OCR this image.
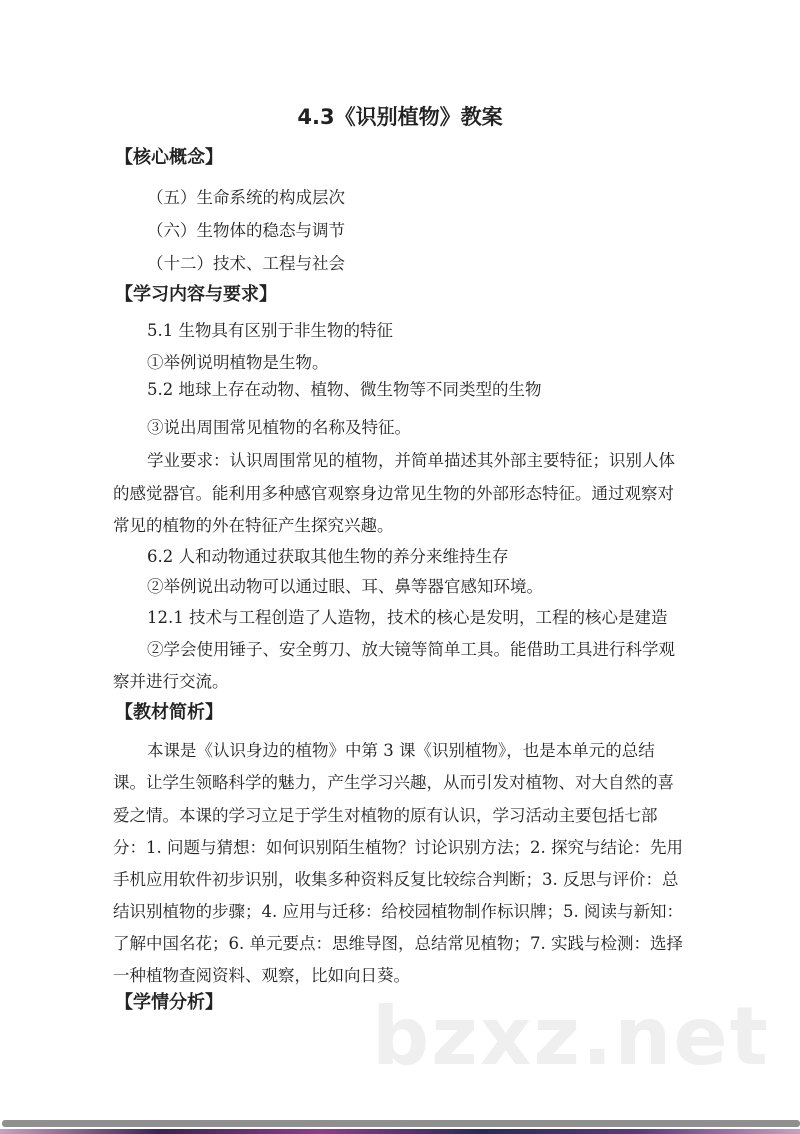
4.3《识别植物》教案
【核心概念】
（五）生命系统的构成层次
（六）生物体的稳态与调节
（十二）技术、工程与社会
【学习内容与要求】
5.1 生物具有区别于非生物的特征
①举例说明植物是生物。
5.2 地球上存在动物、植物、微生物等不同类型的生物
③说出周围常见植物的名称及特征。
学业要求：认识周围常见的植物，并简单描述其外部主要特征；识别人体
的感觉器官。能利用多种感官观察身边常见生物的外部形态特征。通过观察对
常见的植物的外在特征产生探究兴趣。
6.2 人和动物通过获取其他生物的养分来维持生存
②举例说出动物可以通过眼、耳、鼻等器官感知环境。
12.1 技术与工程创造了人造物，技术的核心是发明，工程的核心是建造
②学会使用锤子、安全剪刀、放大镜等简单工具。能借助工具进行科学观
察并进行交流。
【教材简析】
本课是《认识身边的植物》中第 3 课《识别植物》，也是本单元的总结
课。让学生领略科学的魅力，产生学习兴趣，从而引发对植物、对大自然的喜
爱之情。本课的学习立足于学生对植物的原有认识，学习活动主要包括七部
分：1. 问题与猜想：如何识别陌生植物？讨论识别方法；2. 探究与结论：先用
手机应用软件初步识别，收集多种资料反复比较综合判断；3. 反思与评价：总
结识别植物的步骤；4. 应用与迁移：给校园植物制作标识牌；5. 阅读与新知：
了解中国名花；6. 单元要点：思维导图，总结常见植物；7. 实践与检测：选择
一种植物查阅资料、观察，比如向日葵。
bzxz.net
【学情分析】
